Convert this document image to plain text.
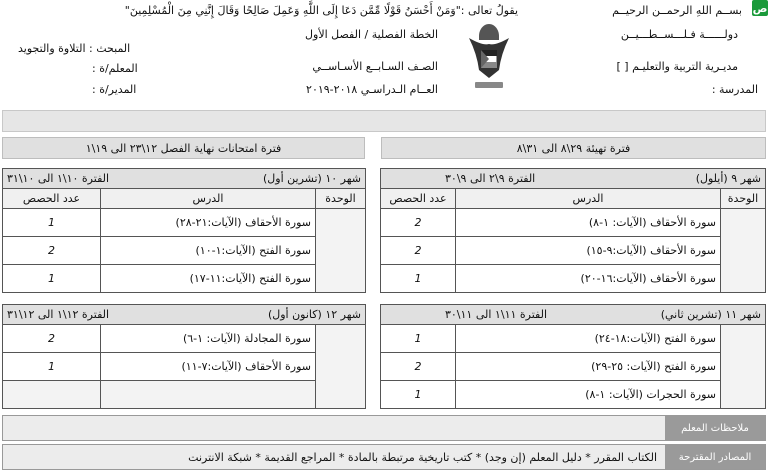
ص
بســم اللهِ الرحمــن الرحيــم
يقولُ تعالى :"وَمَنْ أَحْسَنُ قَوْلًا مِّمَّن دَعَا إِلَى اللَّهِ وَعَمِلَ صَالِحًا وَقَالَ إِنَّنِي مِنَ الْمُسْلِمِينَ"
دولــــــة فـلـــســطـــيــن
مديـرية التربية والتعليـم [ ]
المدرسة :
الخطة الفصلية / الفصل الأول
الصـف السـابــع الأسـاســي
العــام الـدراسـي ٢٠١٨-٢٠١٩
المبحث : التلاوة والتجويد
المعلم/ة :
المدير/ة :
فترة تهيئة ٢٩\٨ الى ٣١\٨
فترة امتحانات نهاية الفصل ١٢\٢٣ الى ١٩\١
شهر ٩ (أيلول)
الفترة ٩\٢ الى ٩\٣٠		

الوحدة	الدرس	عدد الحصص
	سورة الأحقاف (الآيات: ١-٨)	2
	سورة الأحقاف (الآيات:٩-١٥)	2
	سورة الأحقاف (الآيات:١٦-٢٠)	1
شهر ١٠ (تشرين أول)
الفترة ١٠\١ الى ١٠\٣١		

الوحدة	الدرس	عدد الحصص
	سورة الأحقاف (الآيات:٢١-٢٨)	1
	سورة الفتح (الآيات:١-١٠)	2
	سورة الفتح (الآيات:١١-١٧)	1
شهر ١١ (تشرين ثاني)
الفترة ١١\١ الى ١١\٣٠		

	سورة الفتح (الآيات:١٨-٢٤)	1
	سورة الفتح (الآيات: ٢٥-٢٩)	2
	سورة الحجرات (الآيات: ١-٨)	1
شهر ١٢ (كانون أول)
الفترة ١٢\١ الى ١٢\٣١		

	سورة المجادلة (الآيات: ١-٦)	2
	سورة الأحقاف (الآيات:٧-١١)	1

ملاحظات المعلم
المصادر المقترحة
الكتاب المقرر * دليل المعلم (إن وجد) * كتب تاريخية مرتبطة بالمادة * المراجع القديمة * شبكة الانترنت
